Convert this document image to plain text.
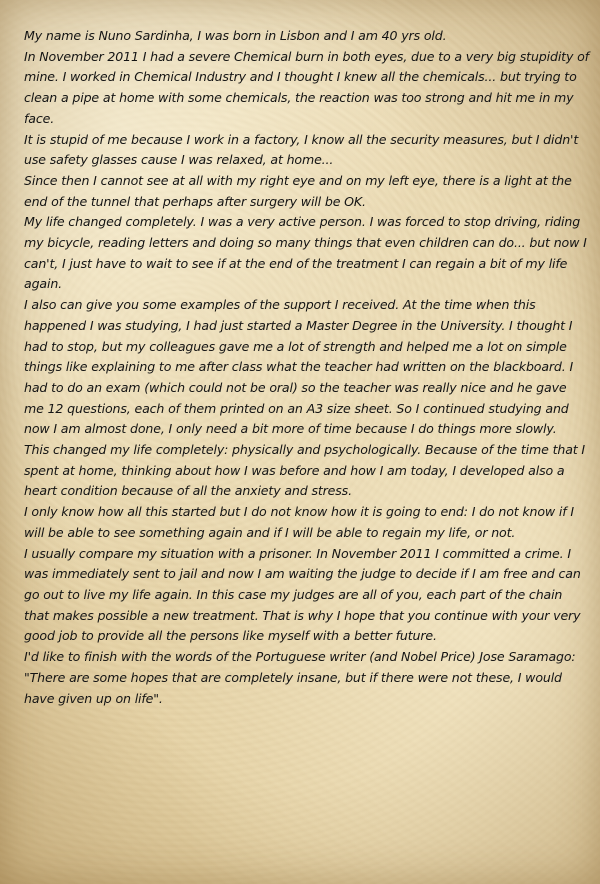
My name is Nuno Sardinha, I was born in Lisbon and I am 40 yrs old.

In November 2011 I had a severe Chemical burn in both eyes, due to a very big stupidity of mine. I worked in Chemical Industry and I thought I knew all the chemicals... but trying to clean a pipe at home with some chemicals, the reaction was too strong and hit me in my face.

It is stupid of me because I work in a factory, I know all the security measures, but I didn't use safety glasses cause I was relaxed, at home...

Since then I cannot see at all with my right eye and on my left eye, there is a light at the end of the tunnel that perhaps after surgery will be OK.

My life changed completely. I was a very active person. I was forced to stop driving, riding my bicycle, reading letters and doing so many things that even children can do... but now I can't, I just have to wait to see if at the end of the treatment I can regain a bit of my life again.

I also can give you some examples of the support I received. At the time when this happened I was studying, I had just started a Master Degree in the University. I thought I had to stop, but my colleagues gave me a lot of strength and helped me a lot on simple things like explaining to me after class what the teacher had written on the blackboard. I had to do an exam (which could not be oral) so the teacher was really nice and he gave me 12 questions, each of them printed on an A3 size sheet. So I continued studying and now I am almost done, I only need a bit more of time because I do things more slowly.

This changed my life completely: physically and psychologically. Because of the time that I spent at home, thinking about how I was before and how I am today, I developed also a heart condition because of all the anxiety and stress.

I only know how all this started but I do not know how it is going to end: I do not know if I will be able to see something again and if I will be able to regain my life, or not.

I usually compare my situation with a prisoner. In November 2011 I committed a crime. I was immediately sent to jail and now I am waiting the judge to decide if I am free and can go out to live my life again. In this case my judges are all of you, each part of the chain that makes possible a new treatment. That is why I hope that you continue with your very good job to provide all the persons like myself with a better future.

I'd like to finish with the words of the Portuguese writer (and Nobel Price) Jose Saramago: "There are some hopes that are completely insane, but if there were not these, I would have given up on life".
